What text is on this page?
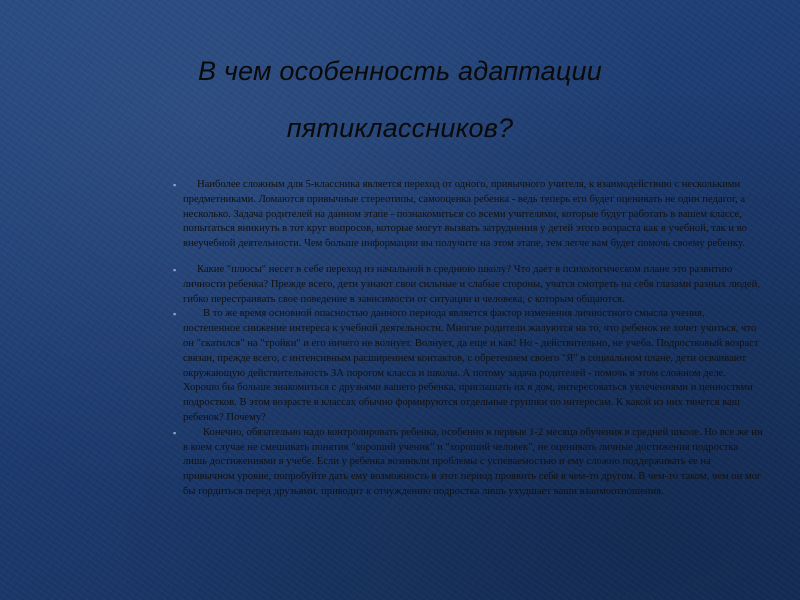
В чем особенность адаптации
пятиклассников?
▪
Наиболее сложным для 5-классника является переход от одного, привычного учителя, к взаимодействию с несколькими предметниками. Ломаются привычные стереотипы, самооценка ребенка - ведь теперь его будет оценивать не один педагог, а несколько. Задача родителей на данном этапе - познакомиться со всеми учителями, которые будут работать в вашем классе, попытаться вникнуть в тот круг вопросов, которые могут вызвать затруднения у детей этого возраста как в учебной, так и во внеучебной деятельности. Чем больше информации вы получите на этом этапе, тем легче вам будет помочь своему ребенку.
▪
Какие "плюсы" несет в себе переход из начальной в среднюю школу? Что дает в психологическом плане это развитию личности ребенка? Прежде всего, дети узнают свои сильные и слабые стороны, учатся смотреть на себя глазами разных людей, гибко перестраивать свое поведение в зависимости от ситуации и человека, с которым общаются.
▪
В то же время основной опасностью данного периода является фактор изменения личностного смысла учения, постепенное снижение интереса к учебной деятельности. Многие родители жалуются на то, что ребенок не хочет учиться, что он "скатился" на "тройки" и его ничего не волнует. Волнует, да еще и как! Но - действительно, не учеба. Подростковый возраст связан, прежде всего, с интенсивным расширением контактов, с обретением своего "Я" в социальном плане, дети осваивают окружающую действительность ЗА порогом класса и школы. А потому задача родителей - помочь в этом сложном деле. Хорошо бы больше знакомиться с друзьями вашего ребенка, приглашать их в дом, интересоваться увлечениями и ценностями подростков. В этом возрасте в классах обычно формируются отдельные группки по интересам. К какой из них тянется ваш ребенок? Почему?
▪
Конечно, обязательно надо контролировать ребенка, особенно в первые 1-2 месяца обучения в средней школе. Но все же ни в коем случае не смешивать понятия "хороший ученик" и "хороший человек", не оценивать личные достижения подростка лишь достижениями в учебе. Если у ребенка возникли проблемы с успеваемостью и ему сложно поддерживать ее на привычном уровне, попробуйте дать ему возможность в этот период проявить себя в чем-то другом. В чем-то таком, чем он мог бы гордиться перед друзьями. приводит к отчуждению подростка лишь ухудшает ваши взаимоотношения.
